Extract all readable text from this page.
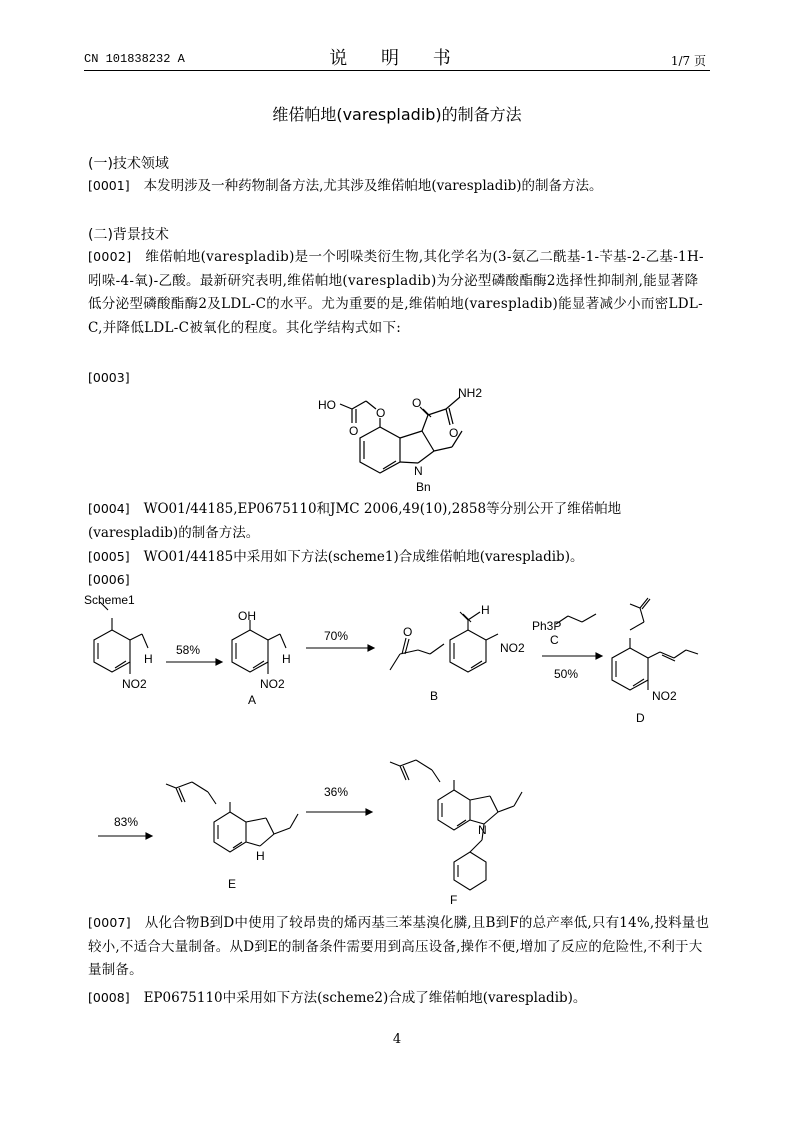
CN 101838232 A	说 明 书	1/7 页
维偌帕地(varespladib)的制备方法
(一)技术领域
[0001] 本发明涉及一种药物制备方法,尤其涉及维偌帕地(varespladib)的制备方法。
(二)背景技术
[0002] 维偌帕地(varespladib)是一个吲哚类衍生物,其化学名为(3-氨乙二酰基-1-苄基-2-乙基-1H-吲哚-4-氧)-乙酸。最新研究表明,维偌帕地(varespladib)为分泌型磷酸酯酶2选择性抑制剂,能显著降低分泌型磷酸酯酶2及LDL-C的水平。尤为重要的是,维偌帕地(varespladib)能显著减少小而密LDL-C,并降低LDL-C被氧化的程度。其化学结构式如下:
[0003]
HO
O
O
O
O
NH2
N
Bn
[0004] WO01/44185,EP0675110和JMC 2006,49(10),2858等分别公开了维偌帕地(varespladib)的制备方法。
[0005] WO01/44185中采用如下方法(scheme1)合成维偌帕地(varespladib)。
[0006]
Scheme1
H
NO2
58%
OH
H
NO2
A
70%	O
H
NO2
B
Ph3P
C
50%
NO2
D
83%
H
E
36%
N
F
[0007] 从化合物B到D中使用了较昂贵的烯丙基三苯基溴化膦,且B到F的总产率低,只有14%,投料量也较小,不适合大量制备。从D到E的制备条件需要用到高压设备,操作不便,增加了反应的危险性,不利于大量制备。
[0008] EP0675110中采用如下方法(scheme2)合成了维偌帕地(varespladib)。
4
